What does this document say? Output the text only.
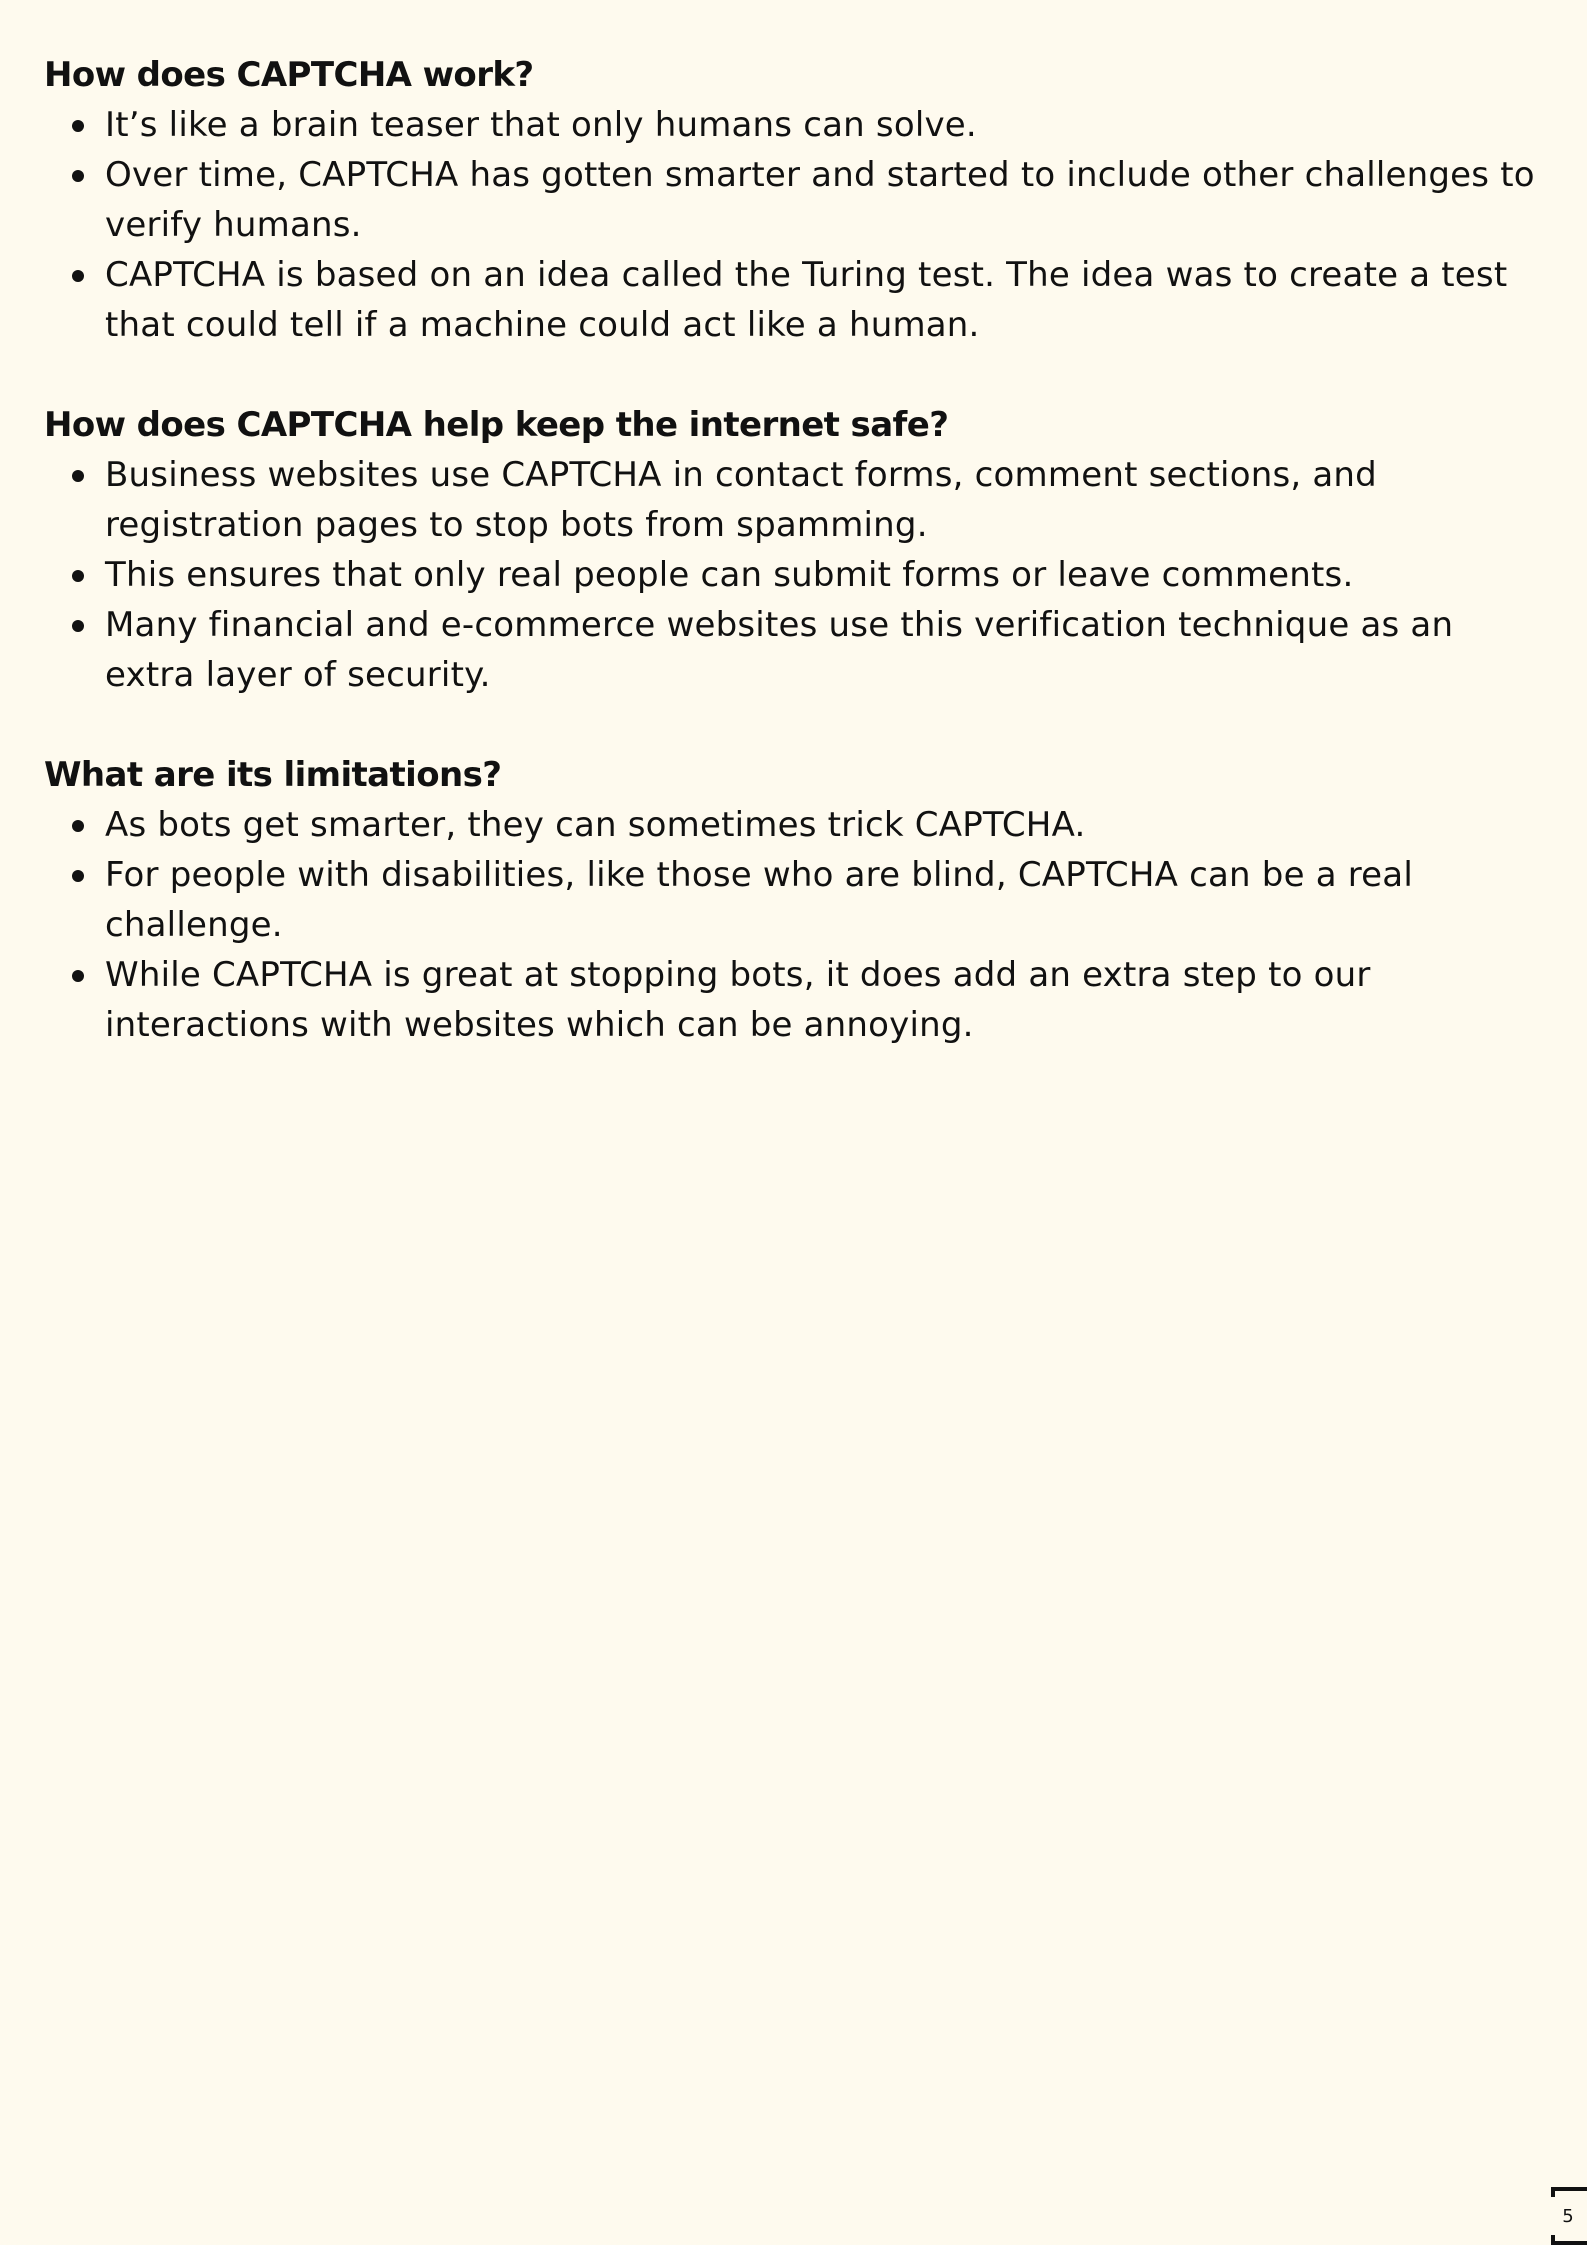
How does CAPTCHA work?
It’s like a brain teaser that only humans can solve.
Over time, CAPTCHA has gotten smarter and started to include other challenges to verify humans.
CAPTCHA is based on an idea called the Turing test. The idea was to create a test that could tell if a machine could act like a human.
How does CAPTCHA help keep the internet safe?
Business websites use CAPTCHA in contact forms, comment sections, and registration pages to stop bots from spamming.
This ensures that only real people can submit forms or leave comments.
Many financial and e-commerce websites use this verification technique as an extra layer of security.
What are its limitations?
As bots get smarter, they can sometimes trick CAPTCHA.
For people with disabilities, like those who are blind, CAPTCHA can be a real challenge.
While CAPTCHA is great at stopping bots, it does add an extra step to our interactions with websites which can be annoying.
5
